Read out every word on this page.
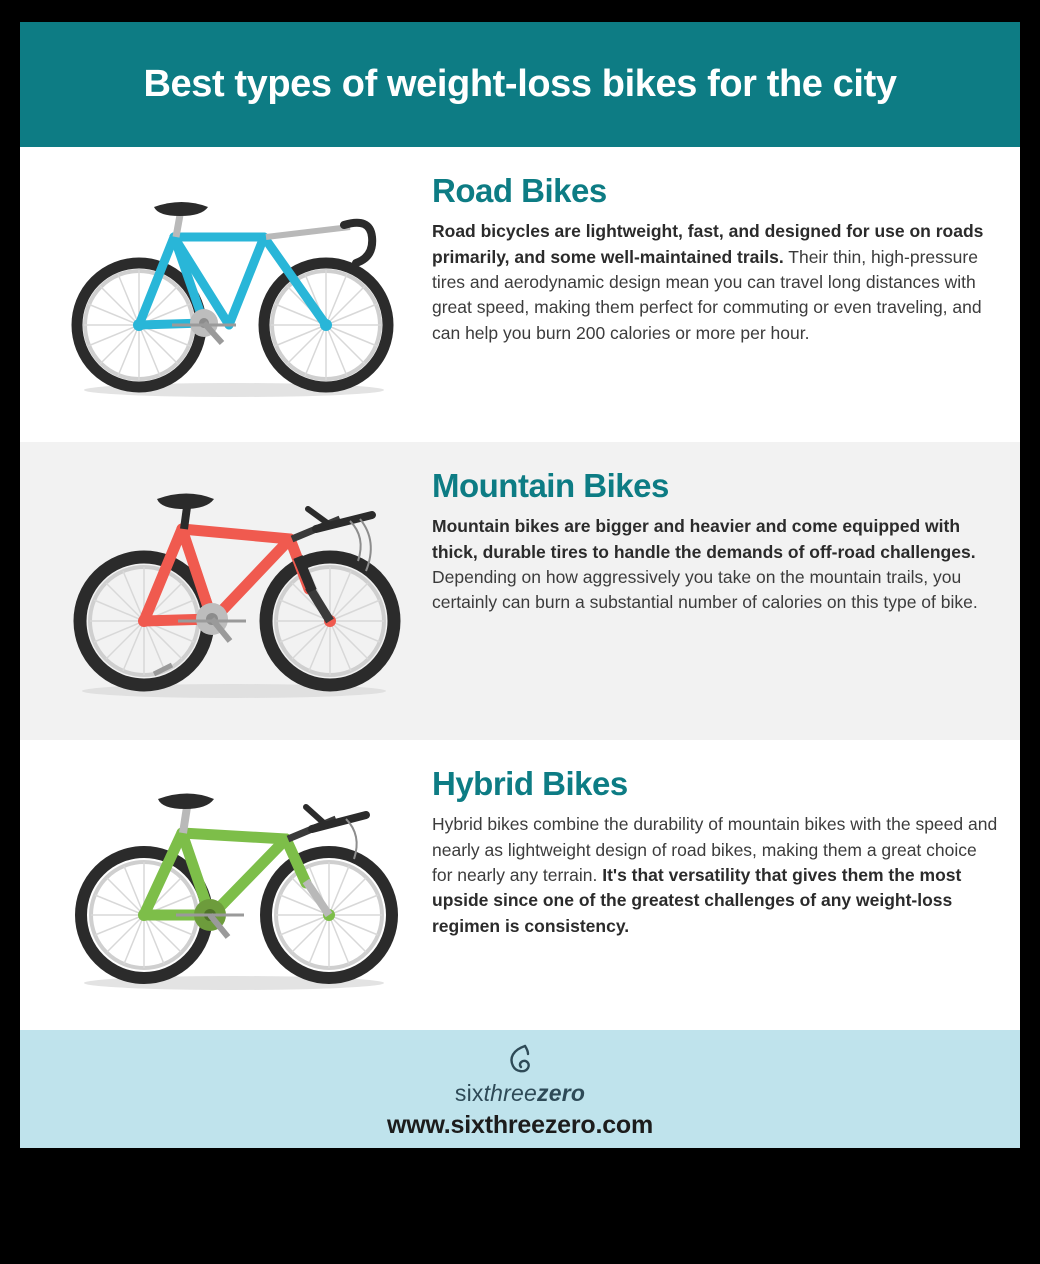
Best types of weight-loss bikes for the city
Road Bikes

Road bicycles are lightweight, fast, and designed for use on roads primarily, and some well-maintained trails. Their thin, high-pressure tires and aerodynamic design mean you can travel long distances with great speed, making them perfect for commuting or even traveling, and can help you burn 200 calories or more per hour.

Mountain Bikes

Mountain bikes are bigger and heavier and come equipped with thick, durable tires to handle the demands of off-road challenges. Depending on how aggressively you take on the mountain trails, you certainly can burn a substantial number of calories on this type of bike.

Hybrid Bikes

Hybrid bikes combine the durability of mountain bikes with the speed and nearly as lightweight design of road bikes, making them a great choice for nearly any terrain. It's that versatility that gives them the most upside since one of the greatest challenges of any weight-loss regimen is consistency.

sixthreezero
www.sixthreezero.com
